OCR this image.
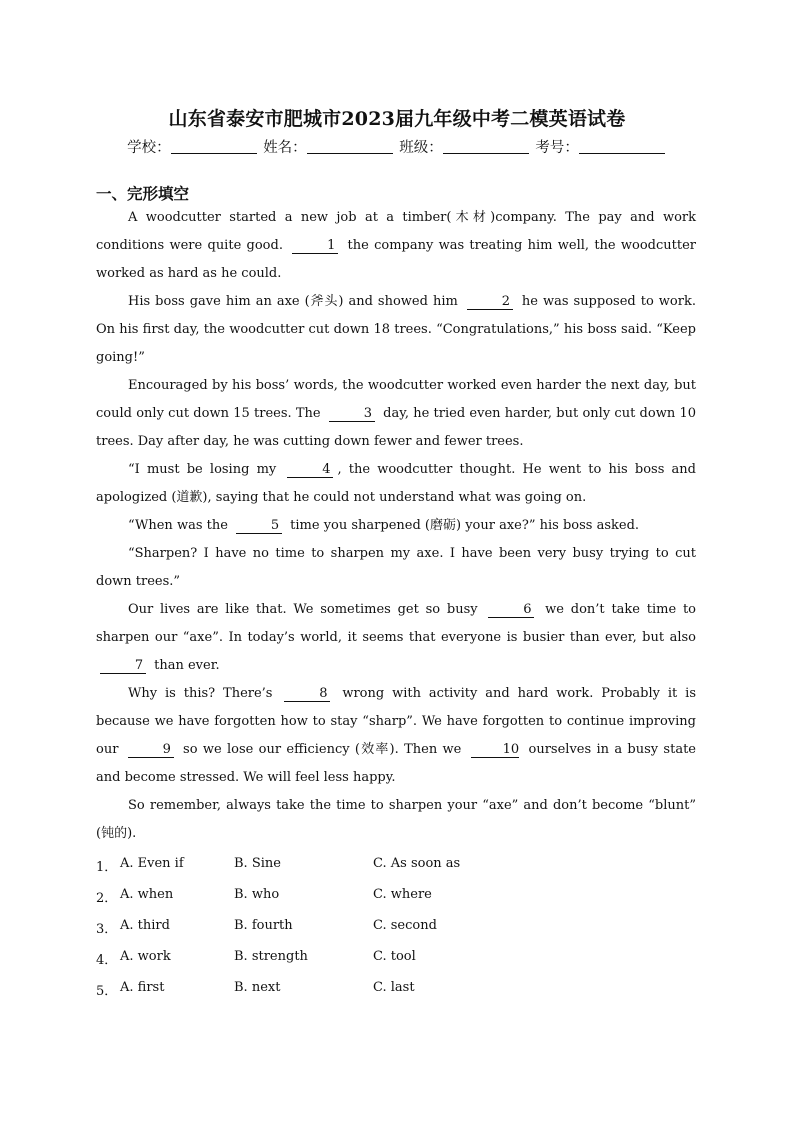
山东省泰安市肥城市2023届九年级中考二模英语试卷
学校：	姓名：	班级：	考号：
一、完形填空

A woodcutter started a new job at a timber(木材)company. The pay and work conditions were quite good.	1 the company was treating him well, the woodcutter worked as hard as he could.

His boss gave him an axe (斧头) and showed him	2 he was supposed to work. On his first day, the woodcutter cut down 18 trees. “Congratulations,” his boss said. “Keep going!”

Encouraged by his boss’ words, the woodcutter worked even harder the next day, but could only cut down 15 trees. The	3 day, he tried even harder, but only cut down 10 trees. Day after day, he was cutting down fewer and fewer trees.

“I must be losing my	4 , the woodcutter thought. He went to his boss and apologized (道歉), saying that he could not understand what was going on.

“When was the	5 time you sharpened (磨砺) your axe?” his boss asked.

“Sharpen? I have no time to sharpen my axe. I have been very busy trying to cut down trees.”

Our lives are like that. We sometimes get so busy	6 we don’t take time to sharpen our “axe”. In today’s world, it seems that everyone is busier than ever, but also 7 than ever.

Why is this? There’s	8 wrong with activity and hard work. Probably it is because we have forgotten how to stay “sharp”. We have forgotten to continue improving our	9 so we lose our efficiency (效率). Then we	10 ourselves in a busy state and become stressed. We will feel less happy.

So remember, always take the time to sharpen your “axe” and don’t become “blunt” (钝的).

1． A. Even if	B. Sine	C. As soon as
2． A. when	B. who	C. where
3． A. third	B. fourth	C. second
4． A. work	B. strength	C. tool
5． A. first	B. next	C. last
